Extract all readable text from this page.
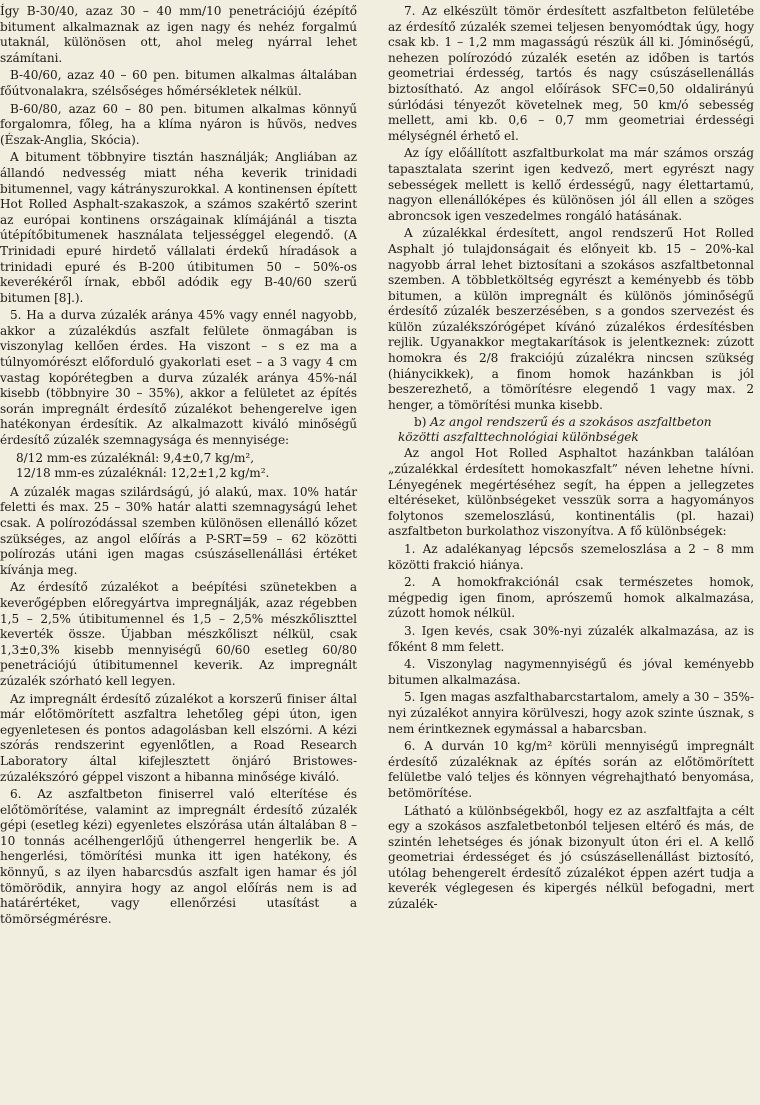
Így B-30/40, azaz 30 – 40 mm/10 penetrációjú ézépítő bitument alkalmaznak az igen nagy és nehéz forgalmú utaknál, különösen ott, ahol meleg nyárral lehet számítani.

B-40/60, azaz 40 – 60 pen. bitumen alkalmas általában főútvonalakra, szélsőséges hőmérsékletek nélkül.

B-60/80, azaz 60 – 80 pen. bitumen alkalmas könnyű forgalomra, főleg, ha a klíma nyáron is hűvös, nedves (Észak-Anglia, Skócia).

A bitument többnyire tisztán használják; Angliában az állandó nedvesség miatt néha keverik trinidadi bitumennel, vagy kátrányszurokkal. A kontinensen épített Hot Rolled Asphalt-szakaszok, a számos szakértő szerint az európai kontinens országainak klímájánál a tiszta útépítőbitumenek használata teljességgel elegendő. (A Trinidadi epuré hirdető vállalati érdekű híradások a trinidadi epuré és B-200 útibitumen 50 – 50%-os keverékéről írnak, ebből adódik egy B-40/60 szerű bitumen [8].).

5. Ha a durva zúzalék aránya 45% vagy ennél nagyobb, akkor a zúzalékdús aszfalt felülete önmagában is viszonylag kellően érdes. Ha viszont – s ez ma a túlnyomórészt előforduló gyakorlati eset – a 3 vagy 4 cm vastag kopórétegben a durva zúzalék aránya 45%-nál kisebb (többnyire 30 – 35%), akkor a felületet az építés során impregnált érdesítő zúzalékot behengerelve igen hatékonyan érdesítik. Az alkalmazott kiváló minőségű érdesítő zúzalék szemnagysága és mennyisége:

8/12 mm-es zúzaléknál: 9,4±0,7 kg/m²,
12/18 mm-es zúzaléknál: 12,2±1,2 kg/m².

A zúzalék magas szilárdságú, jó alakú, max. 10% határ feletti és max. 25 – 30% határ alatti szemnagyságú lehet csak. A polírozódással szemben különösen ellenálló kőzet szükséges, az angol előírás a P-SRT=59 – 62 közötti polírozás utáni igen magas csúszásellenállási értéket kívánja meg.

Az érdesítő zúzalékot a beépítési szünetekben a keverőgépben előregyártva impregnálják, azaz régebben 1,5 – 2,5% útibitumennel és 1,5 – 2,5% mészkőliszttel keverték össze. Újabban mészkőliszt nélkül, csak 1,3±0,3% kisebb mennyiségű 60/60 esetleg 60/80 penetrációjú útibitumennel keverik. Az impregnált zúzalék szórható kell legyen.

Az impregnált érdesítő zúzalékot a korszerű finiser által már előtömörített aszfaltra lehetőleg gépi úton, igen egyenletesen és pontos adagolásban kell elszórni. A kézi szórás rendszerint egyenlőtlen, a Road Research Laboratory által kifejlesztett önjáró Bristowes-zúzalékszóró géppel viszont a hibanna minősége kiváló.

6. Az aszfaltbeton finiserrel való elterítése és előtömörítése, valamint az impregnált érdesítő zúzalék gépi (esetleg kézi) egyenletes elszórása után általában 8 – 10 tonnás acélhengerlőjű úthengerrel hengerlik be. A hengerlési, tömörítési munka itt igen hatékony, és könnyű, s az ilyen habarcsdús aszfalt igen hamar és jól tömörödik, annyira hogy az angol előírás nem is ad határértéket, vagy ellenőrzési utasítást a tömörségmérésre.

7. Az elkészült tömör érdesített aszfaltbeton felületébe az érdesítő zúzalék szemei teljesen benyomódtak úgy, hogy csak kb. 1 – 1,2 mm magasságú részük áll ki. Jóminőségű, nehezen polírozódó zúzalék esetén az időben is tartós geometriai érdesség, tartós és nagy csúszásellenállás biztosítható. Az angol előírások SFC=0,50 oldalirányú súrlódási tényezőt követelnek meg, 50 km/ó sebesség mellett, ami kb. 0,6 – 0,7 mm geometriai érdességi mélységnél érhető el.

Az így előállított aszfaltburkolat ma már számos ország tapasztalata szerint igen kedvező, mert egyrészt nagy sebességek mellett is kellő érdességű, nagy élettartamú, nagyon ellenállóképes és különösen jól áll ellen a szöges abroncsok igen veszedelmes rongáló hatásának.

A zúzalékkal érdesített, angol rendszerű Hot Rolled Asphalt jó tulajdonságait és előnyeit kb. 15 – 20%-kal nagyobb árral lehet biztosítani a szokásos aszfaltbetonnal szemben. A többletköltség egyrészt a keményebb és több bitumen, a külön impregnált és különös jóminőségű érdesítő zúzalék beszerzésében, s a gondos szervezést és külön zúzalékszórógépet kívánó zúzalékos érdesítésben rejlik. Ugyanakkor megtakarítások is jelentkeznek: zúzott homokra és 2/8 frakciójú zúzalékra nincsen szükség (hiánycikkek), a finom homok hazánkban is jól beszerezhető, a tömörítésre elegendő 1 vagy max. 2 henger, a tömörítési munka kisebb.

b) Az angol rendszerű és a szokásos aszfaltbeton közötti aszfalttechnológiai különbségek

Az angol Hot Rolled Asphaltot hazánkban találóan „zúzalékkal érdesített homokaszfalt” néven lehetne hívni. Lényegének megértéséhez segít, ha éppen a jellegzetes eltéréseket, különbségeket vesszük sorra a hagyományos folytonos szemeloszlású, kontinentális (pl. hazai) aszfaltbeton burkolathoz viszonyítva. A fő különbségek:

1. Az adalékanyag lépcsős szemeloszlása a 2 – 8 mm közötti frakció hiánya.

2. A homokfrakciónál csak természetes homok, mégpedig igen finom, aprószemű homok alkalmazása, zúzott homok nélkül.

3. Igen kevés, csak 30%-nyi zúzalék alkalmazása, az is főként 8 mm felett.

4. Viszonylag nagymennyiségű és jóval keményebb bitumen alkalmazása.

5. Igen magas aszfalthabarcstartalom, amely a 30 – 35%-nyi zúzalékot annyira körülveszi, hogy azok szinte úsznak, s nem érintkeznek egymással a habarcsban.

6. A durván 10 kg/m² körüli mennyiségű impregnált érdesítő zúzaléknak az építés során az előtömörített felületbe való teljes és könnyen végrehajtható benyomása, betömörítése.

Látható a különbségekből, hogy ez az aszfaltfajta a célt egy a szokásos aszfaletbetonból teljesen eltérő és más, de szintén lehetséges és jónak bizonyult úton éri el. A kellő geometriai érdességet és jó csúszásellenállást biztosító, utólag behengerelt érdesítő zúzalékot éppen azért tudja a keverék véglegesen és kipergés nélkül befogadni, mert zúzalék-
